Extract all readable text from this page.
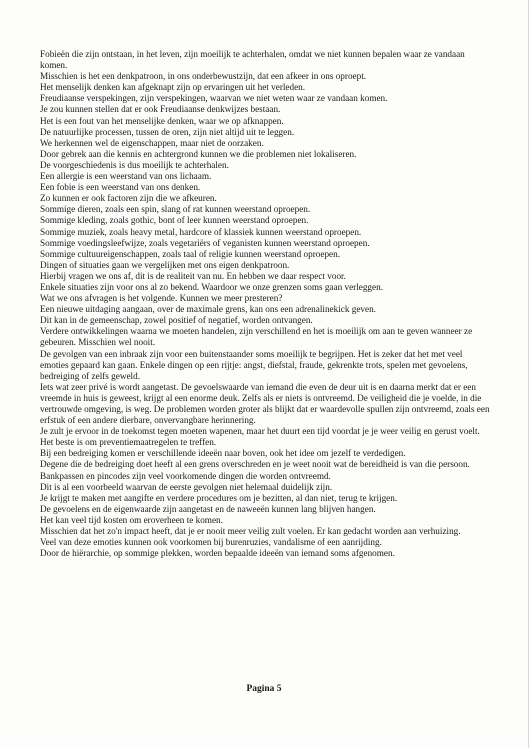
Fobieën die zijn ontstaan, in het leven, zijn moeilijk te achterhalen, omdat we niet kunnen bepalen waar ze vandaan komen.

Misschien is het een denkpatroon, in ons onderbewustzijn, dat een afkeer in ons oproept.

Het menselijk denken kan afgeknapt zijn op ervaringen uit het verleden.

Freudiaanse verspekingen, zijn verspekingen, waarvan we niet weten waar ze vandaan komen.

Je zou kunnen stellen dat er ook Freudiaanse denkwijzes bestaan.

Het is een fout van het menselijke denken, waar we op afknappen.

De natuurlijke processen, tussen de oren, zijn niet altijd uit te leggen.

We herkennen wel de eigenschappen, maar niet de oorzaken.

Door gebrek aan die kennis en achtergrond kunnen we die problemen niet lokaliseren.

De voorgeschiedenis is dus moeilijk te achterhalen.

Een allergie is een weerstand van ons lichaam.

Een fobie is een weerstand van ons denken.

Zo kunnen er ook factoren zijn die we afkeuren.

Sommige dieren, zoals een spin, slang of rat kunnen weerstand oproepen.

Sommige kleding, zoals gothic, bont of leer kunnen weerstand oproepen.

Sommige muziek, zoals heavy metal, hardcore of klassiek kunnen weerstand oproepen.

Sommige voedingsleefwijze, zoals vegetariërs of veganisten kunnen weerstand oproepen.

Sommige cultuureigenschappen, zoals taal of religie kunnen weerstand oproepen.

Dingen of situaties gaan we vergelijken met ons eigen denkpatroon.

Hierbij vragen we ons af, dit is de realiteit van nu. En hebben we daar respect voor.

Enkele situaties zijn voor ons al zo bekend. Waardoor we onze grenzen soms gaan verleggen.

Wat we ons afvragen is het volgende. Kunnen we meer presteren?

Een nieuwe uitdaging aangaan, over de maximale grens, kan ons een adrenalinekick geven.

Dit kan in de gemeenschap, zowel positief of negatief, worden ontvangen.

Verdere ontwikkelingen waarna we moeten handelen, zijn verschillend en het is moeilijk om aan te geven wanneer ze gebeuren. Misschien wel nooit.

De gevolgen van een inbraak zijn voor een buitenstaander soms moeilijk te begrijpen. Het is zeker dat het met veel emoties gepaard kan gaan. Enkele dingen op een rijtje: angst, diefstal, fraude, gekrenkte trots, spelen met gevoelens, bedreiging of zelfs geweld.

Iets wat zeer privé is wordt aangetast. De gevoelswaarde van iemand die even de deur uit is en daarna merkt dat er een vreemde in huis is geweest, krijgt al een enorme deuk. Zelfs als er niets is ontvreemd. De veiligheid die je voelde, in die vertrouwde omgeving, is weg. De problemen worden groter als blijkt dat er waardevolle spullen zijn ontvreemd, zoals een erfstuk of een andere dierbare, onvervangbare herinnering.

Je zult je ervoor in de toekomst tegen moeten wapenen, maar het duurt een tijd voordat je je weer veilig en gerust voelt. Het beste is om preventiemaatregelen te treffen.

Bij een bedreiging komen er verschillende ideeën naar boven, ook het idee om jezelf te verdedigen.

Degene die de bedreiging doet heeft al een grens overschreden en je weet nooit wat de bereidheid is van die persoon.

Bankpassen en pincodes zijn veel voorkomende dingen die worden ontvreemd.

Dit is al een voorbeeld waarvan de eerste gevolgen niet helemaal duidelijk zijn.

Je krijgt te maken met aangifte en verdere procedures om je bezitten, al dan niet, terug te krijgen.

De gevoelens en de eigenwaarde zijn aangetast en de naweeën kunnen lang blijven hangen.

Het kan veel tijd kosten om eroverheen te komen.

Misschien dat het zo'n impact heeft, dat je er nooit meer veilig zult voelen. Er kan gedacht worden aan verhuizing.

Veel van deze emoties kunnen ook voorkomen bij burenruzies, vandalisme of een aanrijding.

Door de hiërarchie, op sommige plekken, worden bepaalde ideeën van iemand soms afgenomen.

Pagina 5
